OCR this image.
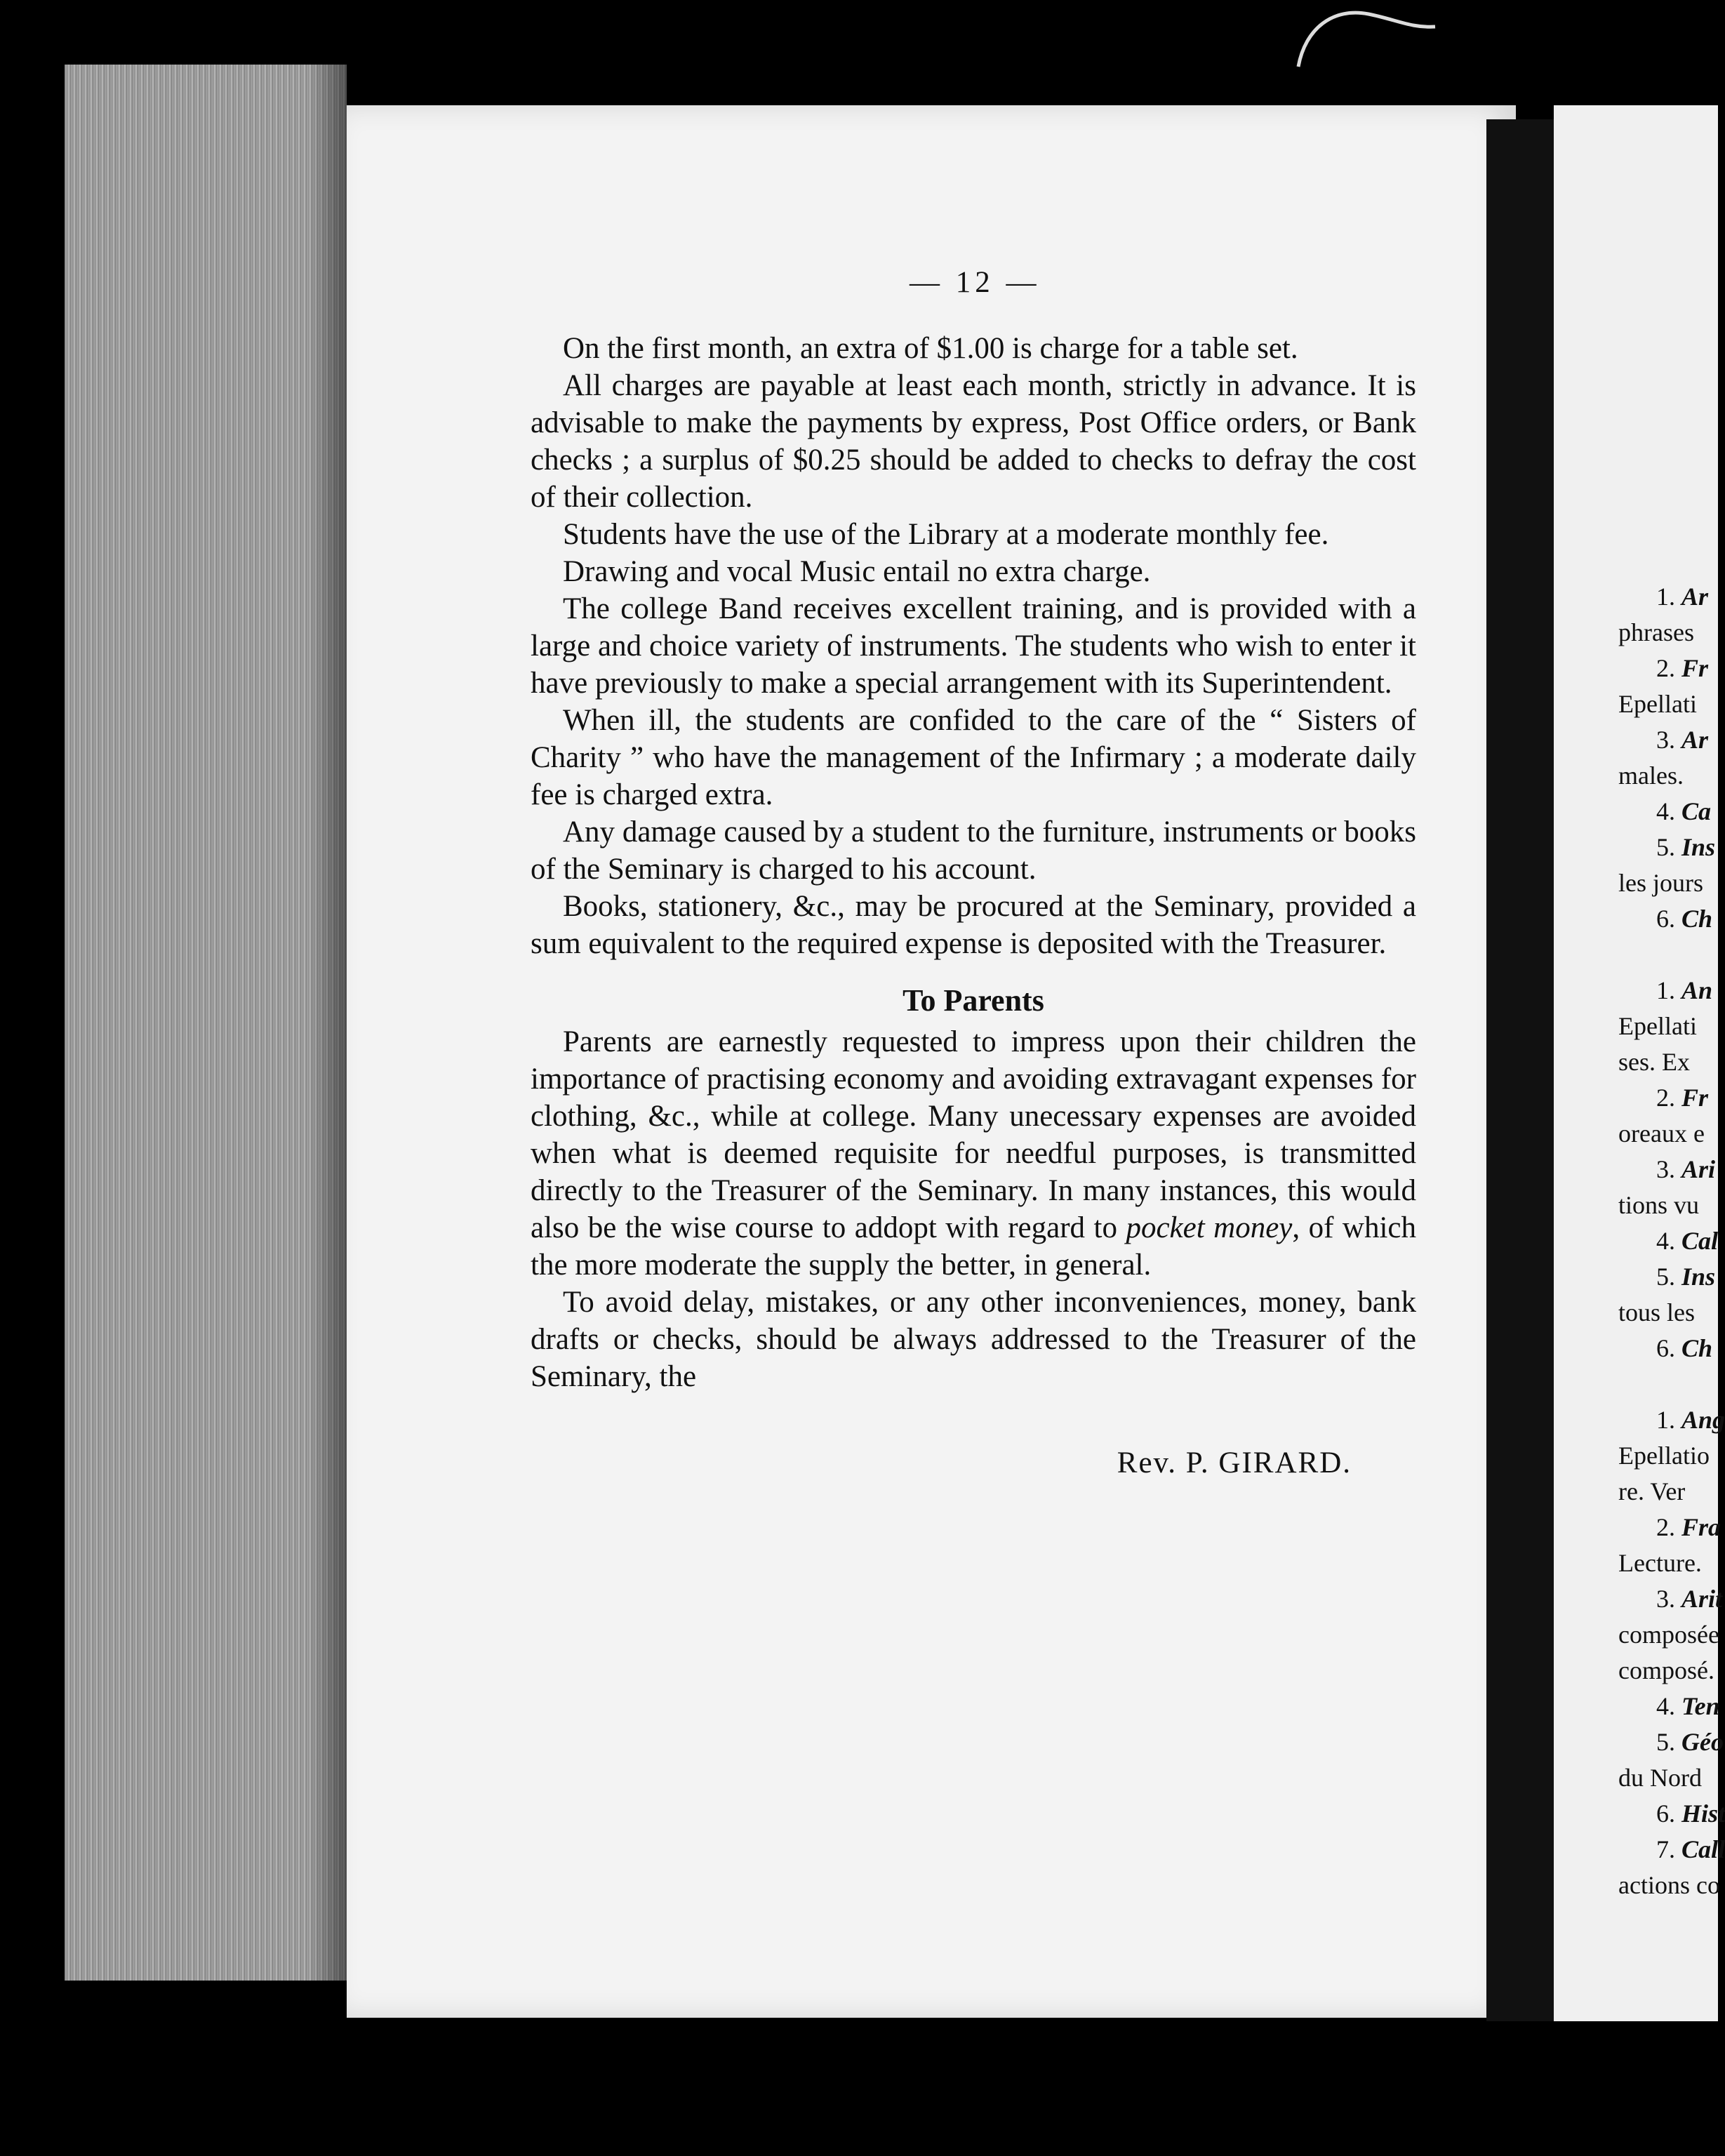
— 12 —

On the first month, an extra of $1.00 is charge for a table set.

All charges are payable at least each month, strictly in advance. It is advisable to make the payments by express, Post Office orders, or Bank checks ; a surplus of $0.25 should be added to checks to defray the cost of their collection.

Students have the use of the Library at a moderate monthly fee.

Drawing and vocal Music entail no extra charge.

The college Band receives excellent training, and is provided with a large and choice variety of instruments. The students who wish to enter it have previously to make a special arrangement with its Superintendent.

When ill, the students are confided to the care of the “ Sisters of Charity ” who have the management of the Infirmary ; a moderate daily fee is charged extra.

Any damage caused by a student to the furniture, instruments or books of the Seminary is charged to his account.

Books, stationery, &c., may be procured at the Seminary, provided a sum equivalent to the required expense is deposited with the Treasurer.

To Parents

Parents are earnestly requested to impress upon their children the importance of practising economy and avoiding extravagant expenses for clothing, &c., while at college. Many unecessary expenses are avoided when what is deemed requisite for needful purposes, is transmitted directly to the Treasurer of the Seminary. In many instances, this would also be the wise course to addopt with regard to pocket money, of which the more moderate the supply the better, in general.

To avoid delay, mistakes, or any other inconveniences, money, bank drafts or checks, should be always addressed to the Treasurer of the Seminary, the

Rev. P. GIRARD.
1. Ar
phrases
2. Fr
Epellati
3. Ar
males.
4. Ca
5. Ins
les jours
6. Ch
1. An
Epellati
ses. Ex
2. Fr
oreaux e
3. Ari
tions vu
4. Cal
5. Ins
tous les
6. Ch
1. Ang
Epellatio
re. Ver
2. Fra
Lecture.
3. Arit
composée
composé.
4. Ten
5. Géo
du Nord
6. Hist
7. Call
actions co
